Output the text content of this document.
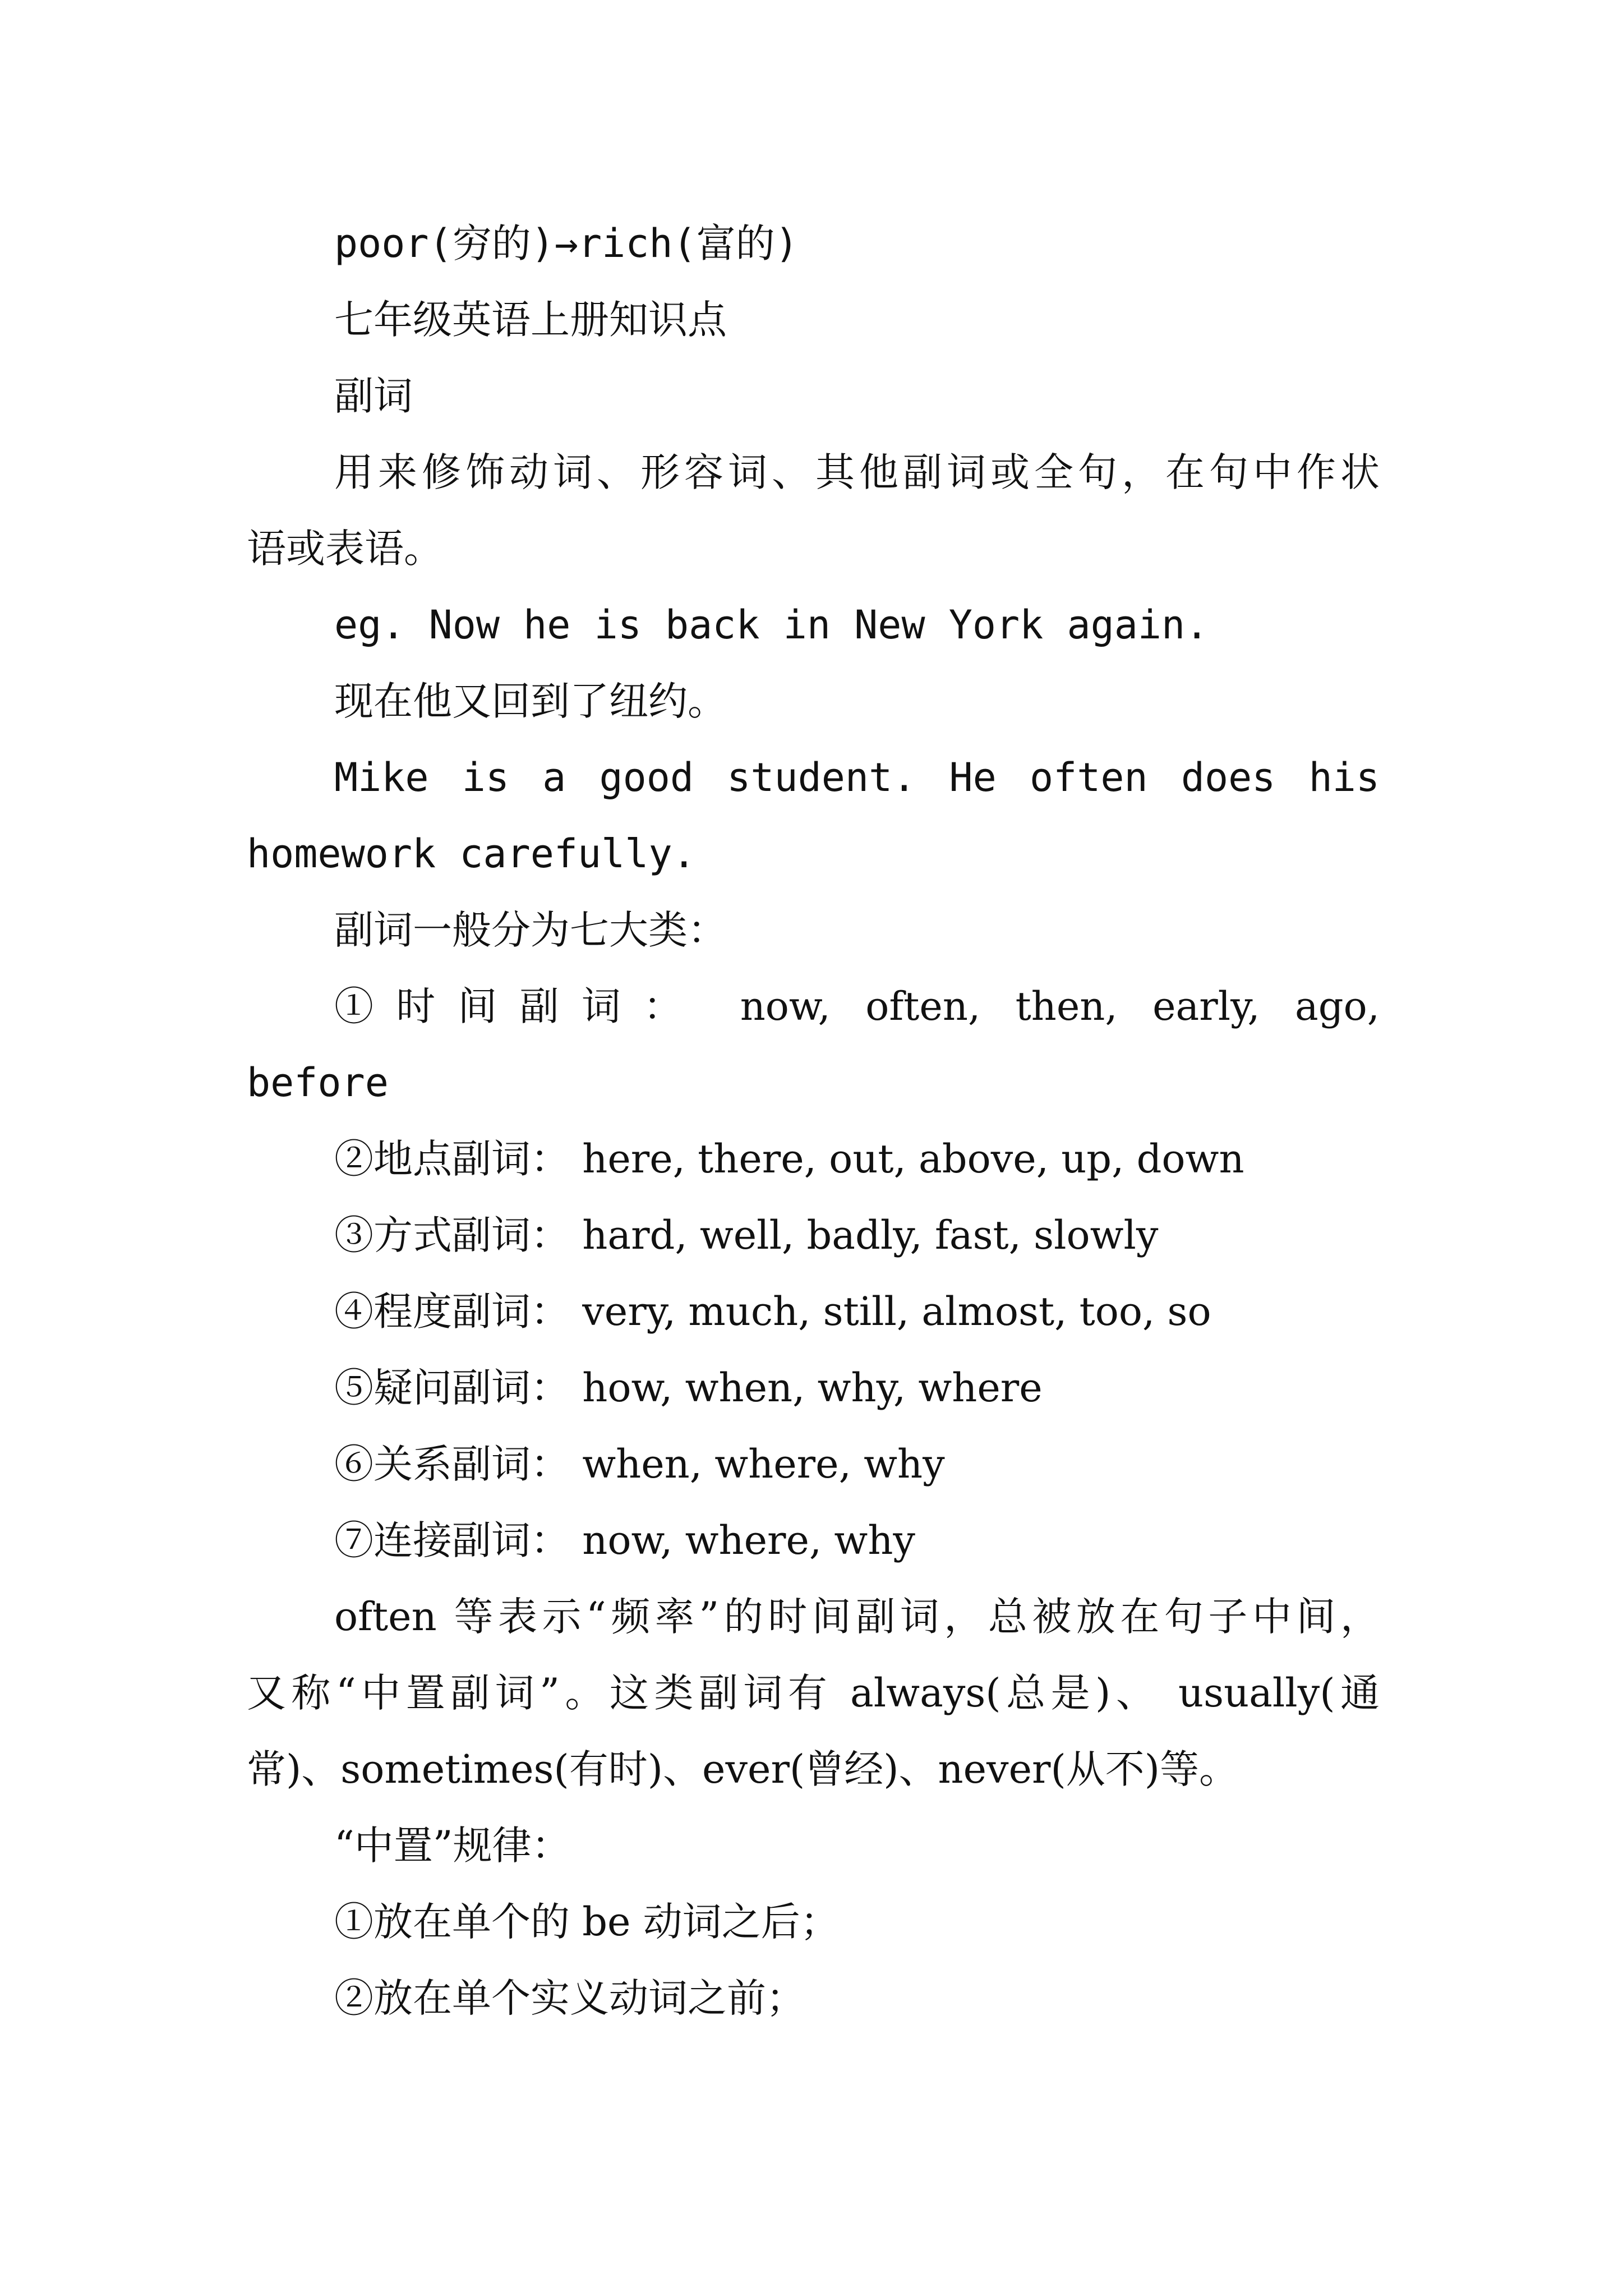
poor(穷的)→rich(富的)
七年级英语上册知识点
副词
用来修饰动词、形容词、其他副词或全句，在句中作状
语或表语。
eg. Now he is back in New York again.
现在他又回到了纽约。
Mike is a good student. He often does his
homework carefully.
副词一般分为七大类：
①时间副词： now, often, then, early, ago,
before
②地点副词： here, there, out, above, up, down
③方式副词： hard, well, badly, fast, slowly
④程度副词： very, much, still, almost, too, so
⑤疑问副词： how, when, why, where
⑥关系副词： when, where, why
⑦连接副词： now, where, why
often 等表示“频率”的时间副词，总被放在句子中间，
又称“中置副词”。这类副词有 always(总是)、 usually(通
常)、sometimes(有时)、ever(曾经)、never(从不)等。
“中置”规律：
①放在单个的 be 动词之后；
②放在单个实义动词之前；
